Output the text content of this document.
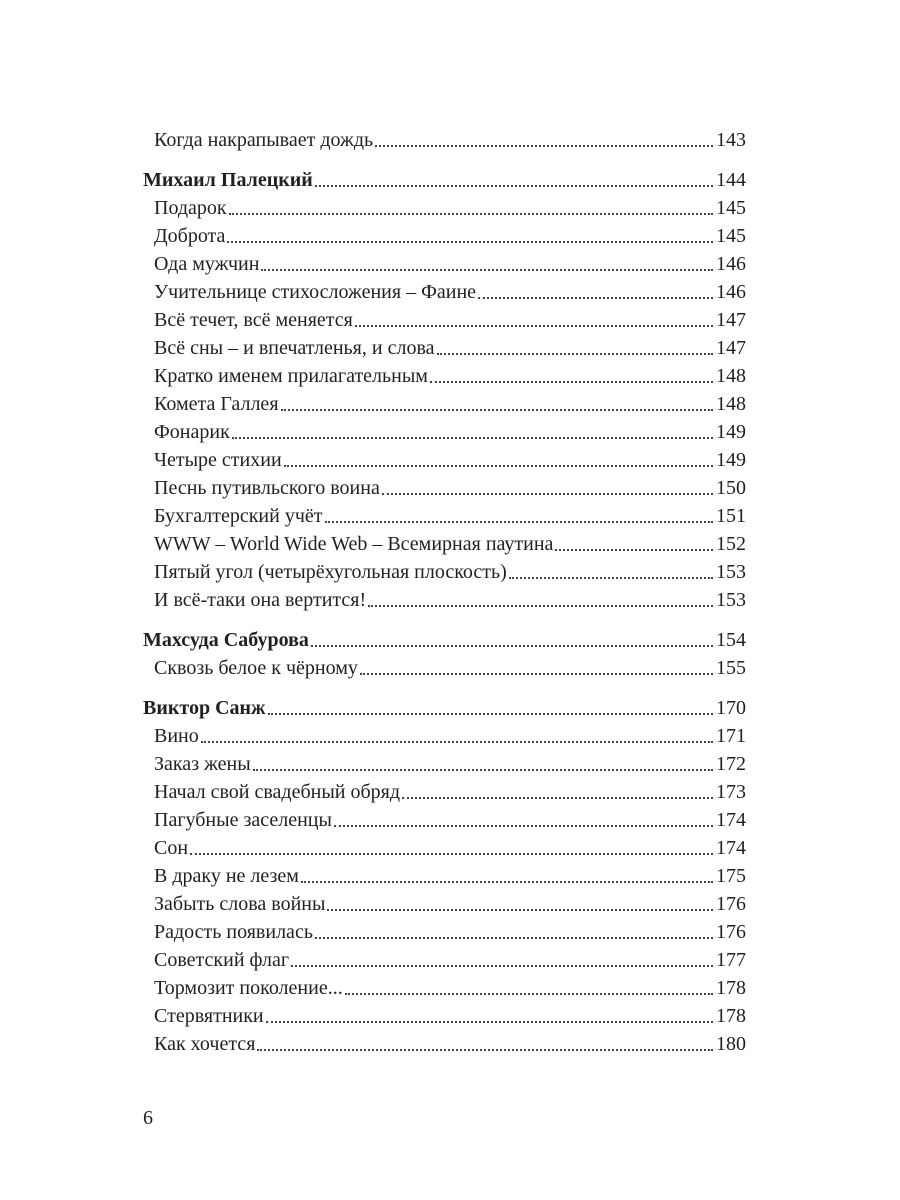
Когда накрапывает дождь	143
Михаил Палецкий	144
Подарок	145
Доброта	145
Ода мужчин	146
Учительнице стихосложения – Фаине	146
Всё течет, всё меняется	147
Всё сны – и впечатленья, и слова	147
Кратко именем прилагательным	148
Комета Галлея	148
Фонарик	149
Четыре стихии	149
Песнь путивльского воина	150
Бухгалтерский учёт	151
WWW – World Wide Web – Всемирная паутина	152
Пятый угол (четырёхугольная плоскость)	153
И всё-таки она вертится!	153
Махсуда Сабурова	154
Сквозь белое к чёрному	155
Виктор Санж	170
Вино	171
Заказ жены	172
Начал свой свадебный обряд	173
Пагубные заселенцы	174
Сон	174
В драку не лезем	175
Забыть слова войны	176
Радость появилась	176
Советский флаг	177
Тормозит поколение...	178
Стервятники	178
Как хочется	180
6
